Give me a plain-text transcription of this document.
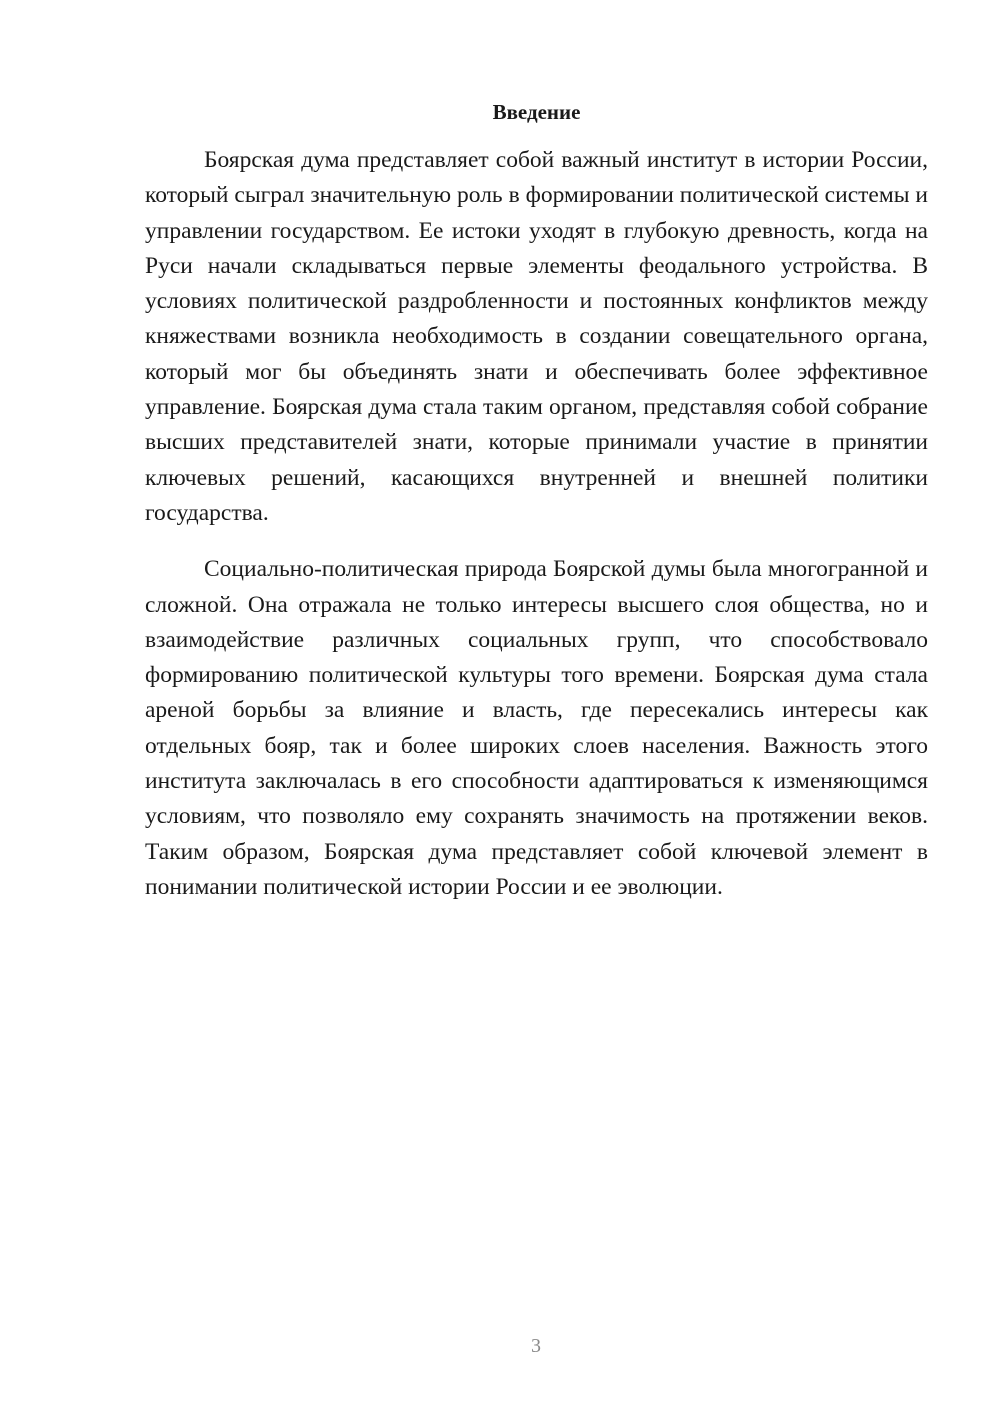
Введение

Боярская дума представляет собой важный институт в истории России, который сыграл значительную роль в формировании политической системы и управлении государством. Ее истоки уходят в глубокую древность, когда на Руси начали складываться первые элементы феодального устройства. В условиях политической раздробленности и постоянных конфликтов между княжествами возникла необходимость в создании совещательного органа, который мог бы объединять знати и обеспечивать более эффективное управление. Боярская дума стала таким органом, представляя собой собрание высших представителей знати, которые принимали участие в принятии ключевых решений, касающихся внутренней и внешней политики государства.

Социально-политическая природа Боярской думы была многогранной и сложной. Она отражала не только интересы высшего слоя общества, но и взаимодействие различных социальных групп, что способствовало формированию политической культуры того времени. Боярская дума стала ареной борьбы за влияние и власть, где пересекались интересы как отдельных бояр, так и более широких слоев населения. Важность этого института заключалась в его способности адаптироваться к изменяющимся условиям, что позволяло ему сохранять значимость на протяжении веков. Таким образом, Боярская дума представляет собой ключевой элемент в понимании политической истории России и ее эволюции.

3
